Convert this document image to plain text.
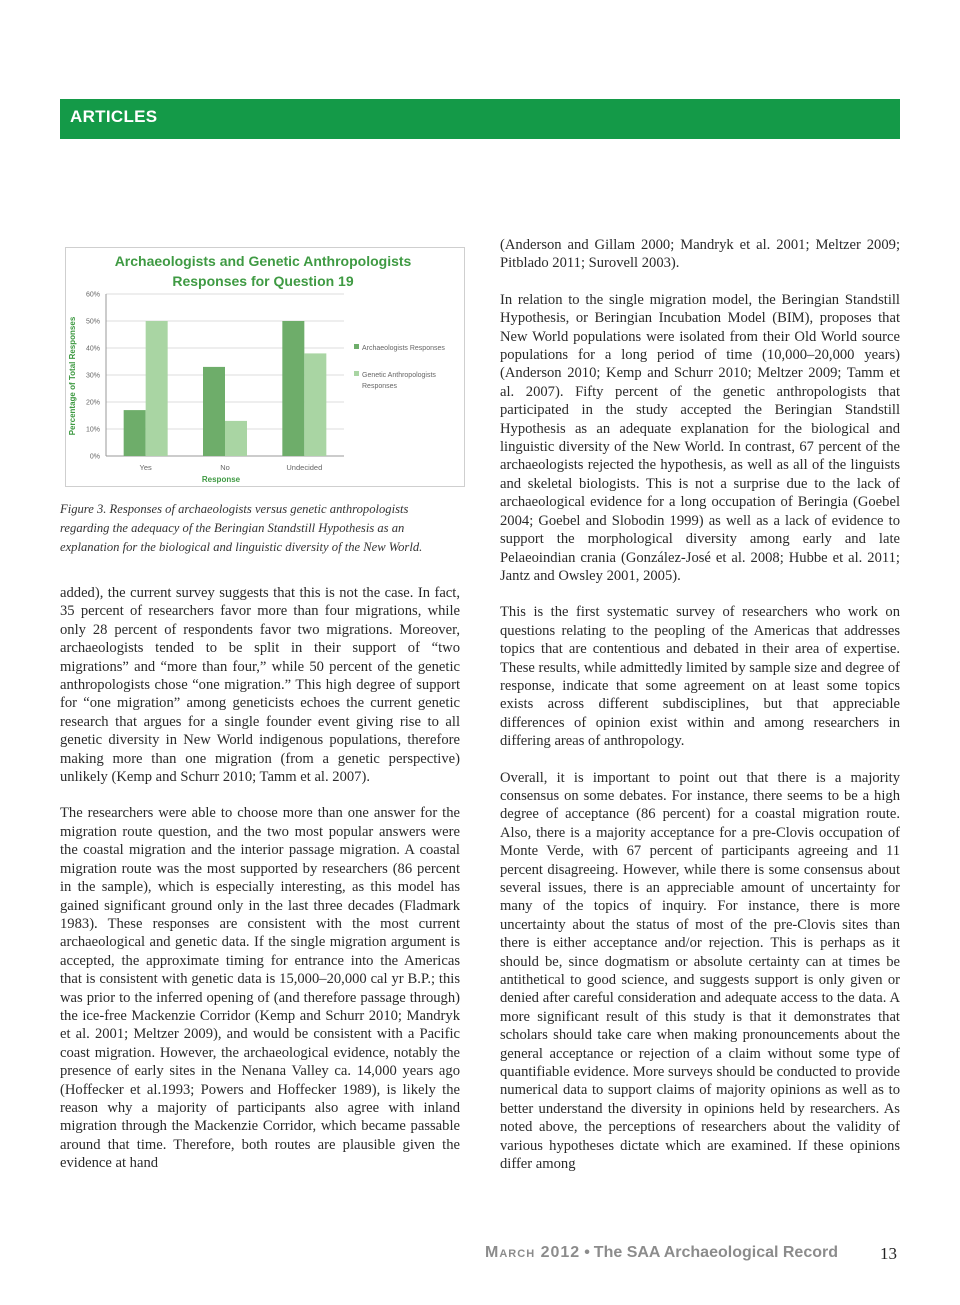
ARTICLES
Archaeologists and Genetic Anthropologists
Responses for Question 19
Percentage of Total Responses
0%
10%
20%
30%
40%
50%
60%
Yes	No	Undecided
Response
Archaeologists Responses
Genetic Anthropologists
Responses
Figure 3. Responses of archaeologists versus genetic anthropologists regarding the adequacy of the Beringian Standstill Hypothesis as an explanation for the biological and linguistic diversity of the New World.

added), the current survey suggests that this is not the case. In fact, 35 percent of researchers favor more than four migrations, while only 28 percent of respondents favor two migrations. Moreover, archaeologists tended to be split in their support of “two migrations” and “more than four,” while 50 percent of the genetic anthropologists chose “one migration.” This high degree of support for “one migration” among geneticists echoes the current genetic research that argues for a single founder event giving rise to all genetic diversity in New World indigenous populations, therefore making more than one migration (from a genetic perspective) unlikely (Kemp and Schurr 2010; Tamm et al. 2007).

The researchers were able to choose more than one answer for the migration route question, and the two most popular answers were the coastal migration and the interior passage migration. A coastal migration route was the most supported by researchers (86 percent in the sample), which is especially interesting, as this model has gained significant ground only in the last three decades (Fladmark 1983). These responses are consistent with the most current archaeological and genetic data. If the single migration argument is accepted, the approximate timing for entrance into the Americas that is consistent with genetic data is 15,000–20,000 cal yr B.P.; this was prior to the inferred opening of (and therefore passage through) the ice-free Mackenzie Corridor (Kemp and Schurr 2010; Mandryk et al. 2001; Meltzer 2009), and would be consistent with a Pacific coast migration. However, the archaeological evidence, notably the presence of early sites in the Nenana Valley ca. 14,000 years ago (Hoffecker et al.1993; Powers and Hoffecker 1989), is likely the reason why a majority of participants also agree with inland migration through the Mackenzie Corridor, which became passable around that time. Therefore, both routes are plausible given the evidence at hand

(Anderson and Gillam 2000; Mandryk et al. 2001; Meltzer 2009; Pitblado 2011; Surovell 2003).

In relation to the single migration model, the Beringian Standstill Hypothesis, or Beringian Incubation Model (BIM), proposes that New World populations were isolated from their Old World source populations for a long period of time (10,000–20,000 years) (Anderson 2010; Kemp and Schurr 2010; Meltzer 2009; Tamm et al. 2007). Fifty percent of the genetic anthropologists that participated in the study accepted the Beringian Standstill Hypothesis as an adequate explanation for the biological and linguistic diversity of the New World. In contrast, 67 percent of the archaeologists rejected the hypothesis, as well as all of the linguists and skeletal biologists. This is not a surprise due to the lack of archaeological evidence for a long occupation of Beringia (Goebel 2004; Goebel and Slobodin 1999) as well as a lack of evidence to support the morphological diversity among early and late Pelaeoindian crania (González-José et al. 2008; Hubbe et al. 2011; Jantz and Owsley 2001, 2005).

This is the first systematic survey of researchers who work on questions relating to the peopling of the Americas that addresses topics that are contentious and debated in their area of expertise. These results, while admittedly limited by sample size and degree of response, indicate that some agreement on at least some topics exists across different subdisciplines, but that appreciable differences of opinion exist within and among researchers in differing areas of anthropology.

Overall, it is important to point out that there is a majority consensus on some debates. For instance, there seems to be a high degree of acceptance (86 percent) for a coastal migration route. Also, there is a majority acceptance for a pre-Clovis occupation of Monte Verde, with 67 percent of participants agreeing and 11 percent disagreeing. However, while there is some consensus about several issues, there is an appreciable amount of uncertainty for many of the topics of inquiry. For instance, there is more uncertainty about the status of most of the pre-Clovis sites than there is either acceptance and/or rejection. This is perhaps as it should be, since dogmatism or absolute certainty can at times be antithetical to good science, and suggests support is only given or denied after careful consideration and adequate access to the data. A more significant result of this study is that it demonstrates that scholars should take care when making pronouncements about the general acceptance or rejection of a claim without some type of quantifiable evidence. More surveys should be conducted to provide numerical data to support claims of majority opinions as well as to better understand the diversity in opinions held by researchers. As noted above, the perceptions of researchers about the validity of various hypotheses dictate which are examined. If these opinions differ among

March 2012 • The SAA Archaeological Record 13
